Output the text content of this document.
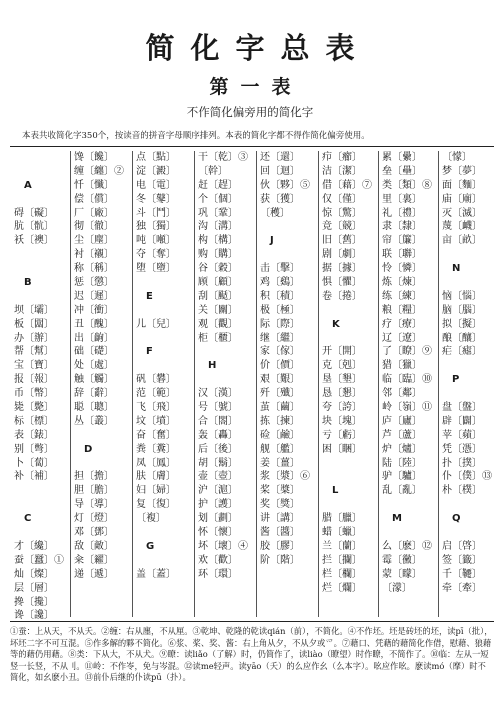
简化字总表
第一表
不作简化偏旁用的简化字
本表共收简化字350个，按读音的拼音字母顺序排列。本表的简化字都不得作简化偏旁使用。
A
碍〔礙〕
肮〔骯〕
袄〔襖〕
B
坝〔壩〕
板〔闆〕
办〔辦〕
帮〔幫〕
宝〔寶〕
报〔報〕
币〔幣〕
毙〔斃〕
标〔標〕
表〔錶〕
别〔彆〕
卜〔蔔〕
补〔補〕
C
才〔纔〕
蚕〔蠶〕①
灿〔燦〕
层〔層〕
搀〔攙〕
谗〔讒〕
馋〔饞〕
缠〔纏〕②
忏〔懺〕
偿〔償〕
厂〔廠〕
彻〔徹〕
尘〔塵〕
衬〔襯〕
称〔稱〕
惩〔懲〕
迟〔遲〕
冲〔衝〕
丑〔醜〕
出〔齣〕
础〔礎〕
处〔處〕
触〔觸〕
辞〔辭〕
聪〔聰〕
丛〔叢〕
D
担〔擔〕
胆〔膽〕
导〔導〕
灯〔燈〕
邓〔鄧〕
敌〔敵〕
籴〔糴〕
递〔遞〕
点〔點〕
淀〔澱〕
电〔電〕
冬〔鼕〕
斗〔鬥〕
独〔獨〕
吨〔噸〕
夺〔奪〕
堕〔墮〕
E
儿〔兒〕
F
矾〔礬〕
范〔範〕
飞〔飛〕
坟〔墳〕
奋〔奮〕
粪〔糞〕
凤〔鳳〕
肤〔膚〕
妇〔婦〕
复〔復〕
〔複〕
G
盖〔蓋〕
干〔乾〕③
〔幹〕
赶〔趕〕
个〔個〕
巩〔鞏〕
沟〔溝〕
构〔構〕
购〔購〕
谷〔穀〕
顾〔顧〕
刮〔颳〕
关〔關〕
观〔觀〕
柜〔櫃〕
H
汉〔漢〕
号〔號〕
合〔閤〕
轰〔轟〕
后〔後〕
胡〔鬍〕
壶〔壺〕
沪〔滬〕
护〔護〕
划〔劃〕
怀〔懷〕
坏〔壞〕④
欢〔歡〕
环〔環〕
还〔還〕
回〔迴〕
伙〔夥〕⑤
获〔獲〕
〔穫〕
J
击〔擊〕
鸡〔鷄〕
积〔積〕
极〔極〕
际〔際〕
继〔繼〕
家〔傢〕
价〔價〕
艰〔艱〕
歼〔殲〕
茧〔繭〕
拣〔揀〕
硷〔鹼〕
舰〔艦〕
姜〔薑〕
浆〔漿〕⑥
桨〔槳〕
奖〔獎〕
讲〔講〕
酱〔醬〕
胶〔膠〕
阶〔階〕
疖〔癤〕
洁〔潔〕
借〔藉〕⑦
仅〔僅〕
惊〔驚〕
竞〔競〕
旧〔舊〕
剧〔劇〕
据〔據〕
惧〔懼〕
卷〔捲〕
K
开〔開〕
克〔剋〕
垦〔墾〕
恳〔懇〕
夸〔誇〕
块〔塊〕
亏〔虧〕
困〔睏〕
L
腊〔臘〕
蜡〔蠟〕
兰〔蘭〕
拦〔攔〕
栏〔欄〕
烂〔爛〕
累〔纍〕
垒〔壘〕
类〔類〕⑧
里〔裏〕
礼〔禮〕
隶〔隸〕
帘〔簾〕
联〔聯〕
怜〔憐〕
炼〔煉〕
练〔練〕
粮〔糧〕
疗〔療〕
辽〔遼〕
了〔瞭〕⑨
猎〔獵〕
临〔臨〕⑩
邻〔鄰〕
岭〔嶺〕⑪
庐〔廬〕
芦〔蘆〕
炉〔爐〕
陆〔陸〕
驴〔驢〕
乱〔亂〕
M
么〔麽〕⑫
霉〔黴〕
蒙〔矇〕
〔濛〕
〔懞〕
梦〔夢〕
面〔麵〕
庙〔廟〕
灭〔滅〕
蔑〔衊〕
亩〔畝〕
N
恼〔惱〕
脑〔腦〕
拟〔擬〕
酿〔釀〕
疟〔瘧〕
P
盘〔盤〕
辟〔闢〕
苹〔蘋〕
凭〔憑〕
扑〔撲〕
仆〔僕〕⑬
朴〔樸〕
Q
启〔啓〕
签〔籤〕
千〔韆〕
牵〔牽〕
①蚕：上从天，不从夭。②缠：右从廛，不从厘。③乾坤、乾隆的乾读qián（前），不简化。④不作坯。坯是砖坯的坯，读pī（批），坏坯二字不可互混。⑤作多解的夥不简化。⑥浆、桨、奖、酱：右上角从夕，不从夕或爫。⑦藉口、凭藉的藉简化作借，慰藉、狼藉等的藉仍用藉。⑧类：下从大，不从犬。⑨瞭：读liǎo（了解）时，仍简作了，读liào（瞭望）时作瞭，不简作了。⑩临：左从一短竖一长竖，不从刂。⑪岭：不作岺，免与岑混。⑫读me轻声。读yāo（夭）的么应作幺（么本字）。吆应作吆。麽读mó（摩）时不简化，如幺麽小丑。⑬前仆后继的仆读pū（扑）。
